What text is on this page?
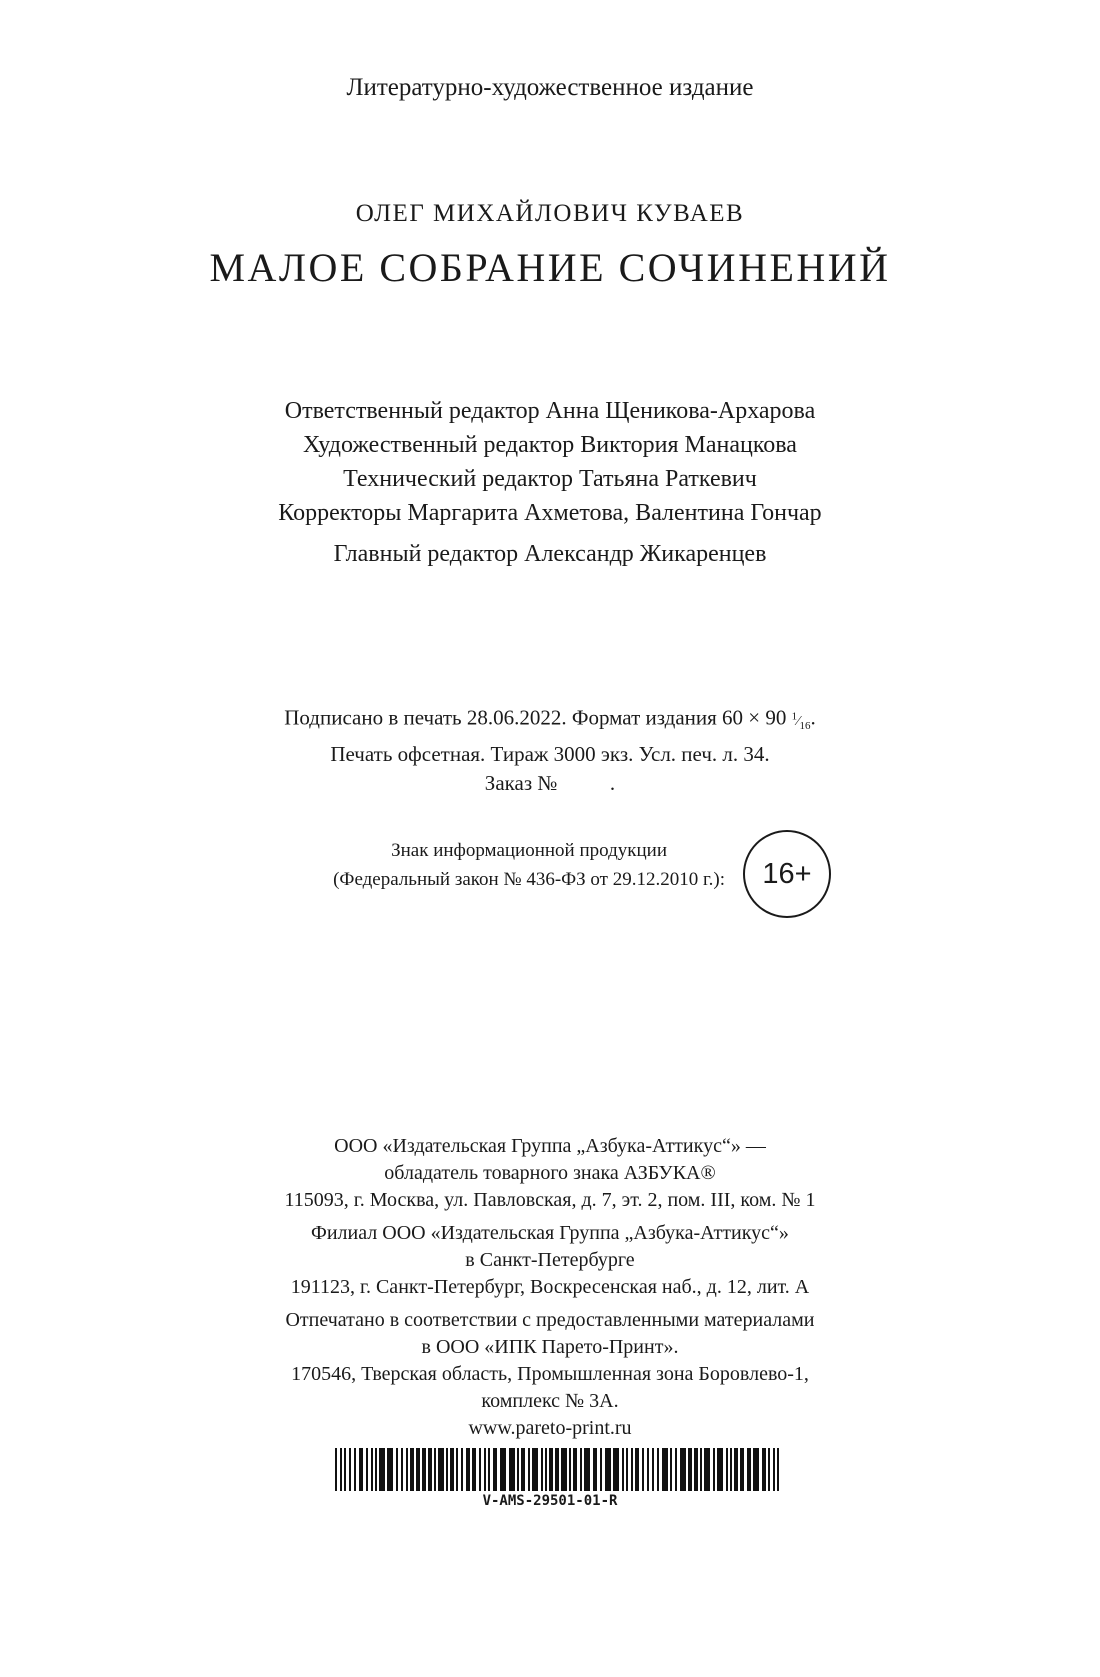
Литературно-художественное издание
ОЛЕГ МИХАЙЛОВИЧ КУВАЕВ
МАЛОЕ СОБРАНИЕ СОЧИНЕНИЙ
Ответственный редактор Анна Щеникова-Архарова
Художественный редактор Виктория Манацкова
Технический редактор Татьяна Раткевич
Корректоры Маргарита Ахметова, Валентина Гончар
Главный редактор Александр Жикаренцев
Подписано в печать 28.06.2022. Формат издания 60 × 90 $^1⁄_{16}$.
Печать офсетная. Тираж 3000 экз. Усл. печ. л. 34.
Заказ №          .
Знак информационной продукции
(Федеральный закон № 436-ФЗ от 29.12.2010 г.):	16+
ООО «Издательская Группа „Азбука-Аттикус“» —
обладатель товарного знака АЗБУКА®
115093, г. Москва, ул. Павловская, д. 7, эт. 2, пом. III, ком. № 1
Филиал ООО «Издательская Группа „Азбука-Аттикус“»
в Санкт-Петербурге
191123, г. Санкт-Петербург, Воскресенская наб., д. 12, лит. А
Отпечатано в соответствии с предоставленными материалами
в ООО «ИПК Парето-Принт».
170546, Тверская область, Промышленная зона Боровлево-1,
комплекс № 3А.
www.pareto-print.ru
V-AMS-29501-01-R
